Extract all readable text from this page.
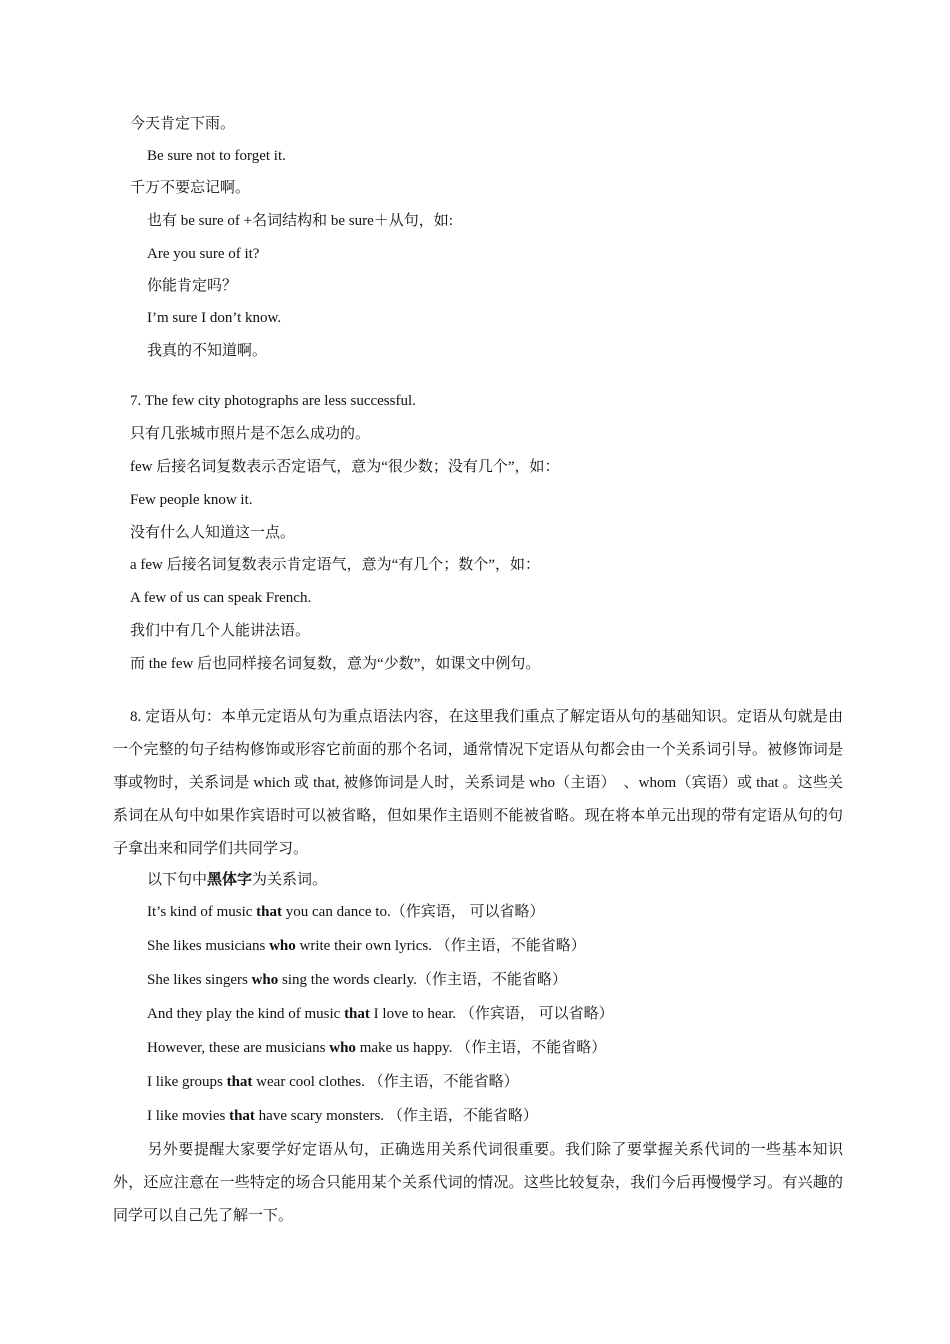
今天肯定下雨。
Be sure not to forget it.
千万不要忘记啊。
也有 be sure of +名词结构和 be sure＋从句，如:
Are you sure of it?
你能肯定吗？
I’m sure I don’t know.
我真的不知道啊。
7. The few city photographs are less successful.
只有几张城市照片是不怎么成功的。
few 后接名词复数表示否定语气，意为“很少数；没有几个”，如：
Few people know it.
没有什么人知道这一点。
a few 后接名词复数表示肯定语气，意为“有几个；数个”，如：
A few of us can speak French.
我们中有几个人能讲法语。
而 the few 后也同样接名词复数，意为“少数”，如课文中例句。
8. 定语从句：本单元定语从句为重点语法内容，在这里我们重点了解定语从句的基础知识。定语从句就是由一个完整的句子结构修饰或形容它前面的那个名词，通常情况下定语从句都会由一个关系词引导。被修饰词是事或物时，关系词是 which 或 that, 被修饰词是人时，关系词是 who（主语）　、whom（宾语）或 that 。这些关系词在从句中如果作宾语时可以被省略，但如果作主语则不能被省略。现在将本单元出现的带有定语从句的句子拿出来和同学们共同学习。
以下句中黑体字为关系词。
It’s kind of music that you can dance to.（作宾语， 可以省略）
She likes musicians who write their own lyrics. （作主语，不能省略）
She likes singers who sing the words clearly.（作主语，不能省略）
And they play the kind of music that I love to hear. （作宾语， 可以省略）
However, these are musicians who make us happy. （作主语，不能省略）
I like groups that wear cool clothes. （作主语，不能省略）
I like movies that have scary monsters. （作主语，不能省略）
另外要提醒大家要学好定语从句，正确选用关系代词很重要。我们除了要掌握关系代词的一些基本知识外，还应注意在一些特定的场合只能用某个关系代词的情况。这些比较复杂，我们今后再慢慢学习。有兴趣的同学可以自己先了解一下。
